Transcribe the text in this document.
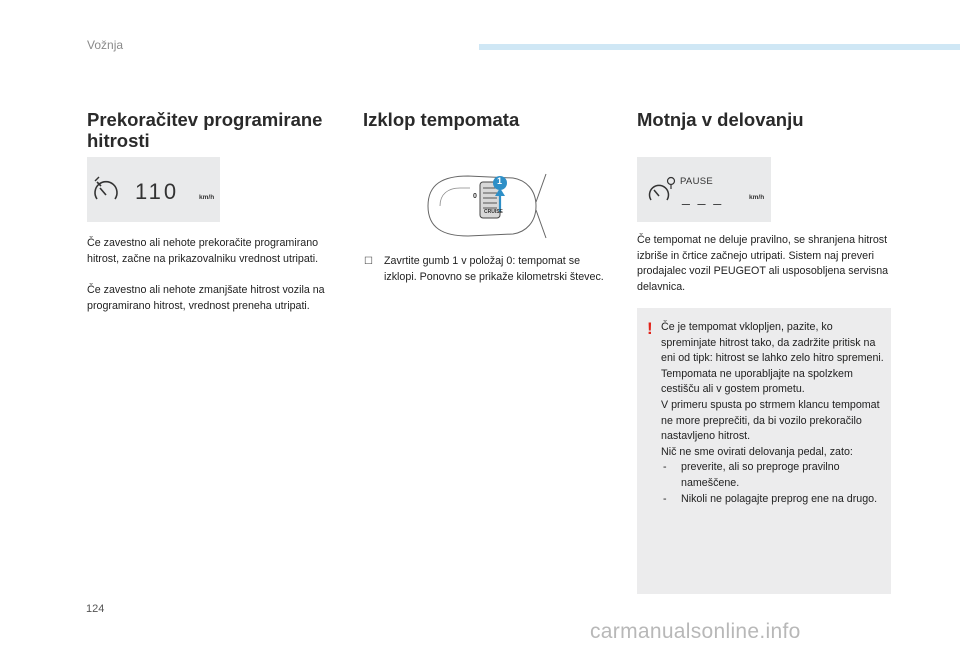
Vožnja
Prekoračitev programirane hitrosti
110	km/h

Če zavestno ali nehote prekoračite programirano hitrost, začne na prikazovalniku vrednost utripati.

Če zavestno ali nehote zmanjšate hitrost vozila na programirano hitrost, vrednost preneha utripati.

Izklop tempomata
1
0
CRUISE
☐ Zavrtite gumb 1 v položaj 0: tempomat se izklopi. Ponovno se prikaže kilometrski števec.

Motnja v delovanju
PAUSE
_ _ _	km/h

Če tempomat ne deluje pravilno, se shranjena hitrost izbriše in črtice začnejo utripati. Sistem naj preveri prodajalec vozil PEUGEOT ali usposobljena servisna delavnica.

! Če je tempomat vklopljen, pazite, ko spreminjate hitrost tako, da zadržite pritisk na eni od tipk: hitrost se lahko zelo hitro spremeni.
Tempomata ne uporabljajte na spolzkem cestišču ali v gostem prometu.
V primeru spusta po strmem klancu tempomat ne more preprečiti, da bi vozilo prekoračilo nastavljeno hitrost.
Nič ne sme ovirati delovanja pedal, zato:
- preverite, ali so preproge pravilno nameščene.
- Nikoli ne polagajte preprog ene na drugo.
124
carmanualsonline.info
